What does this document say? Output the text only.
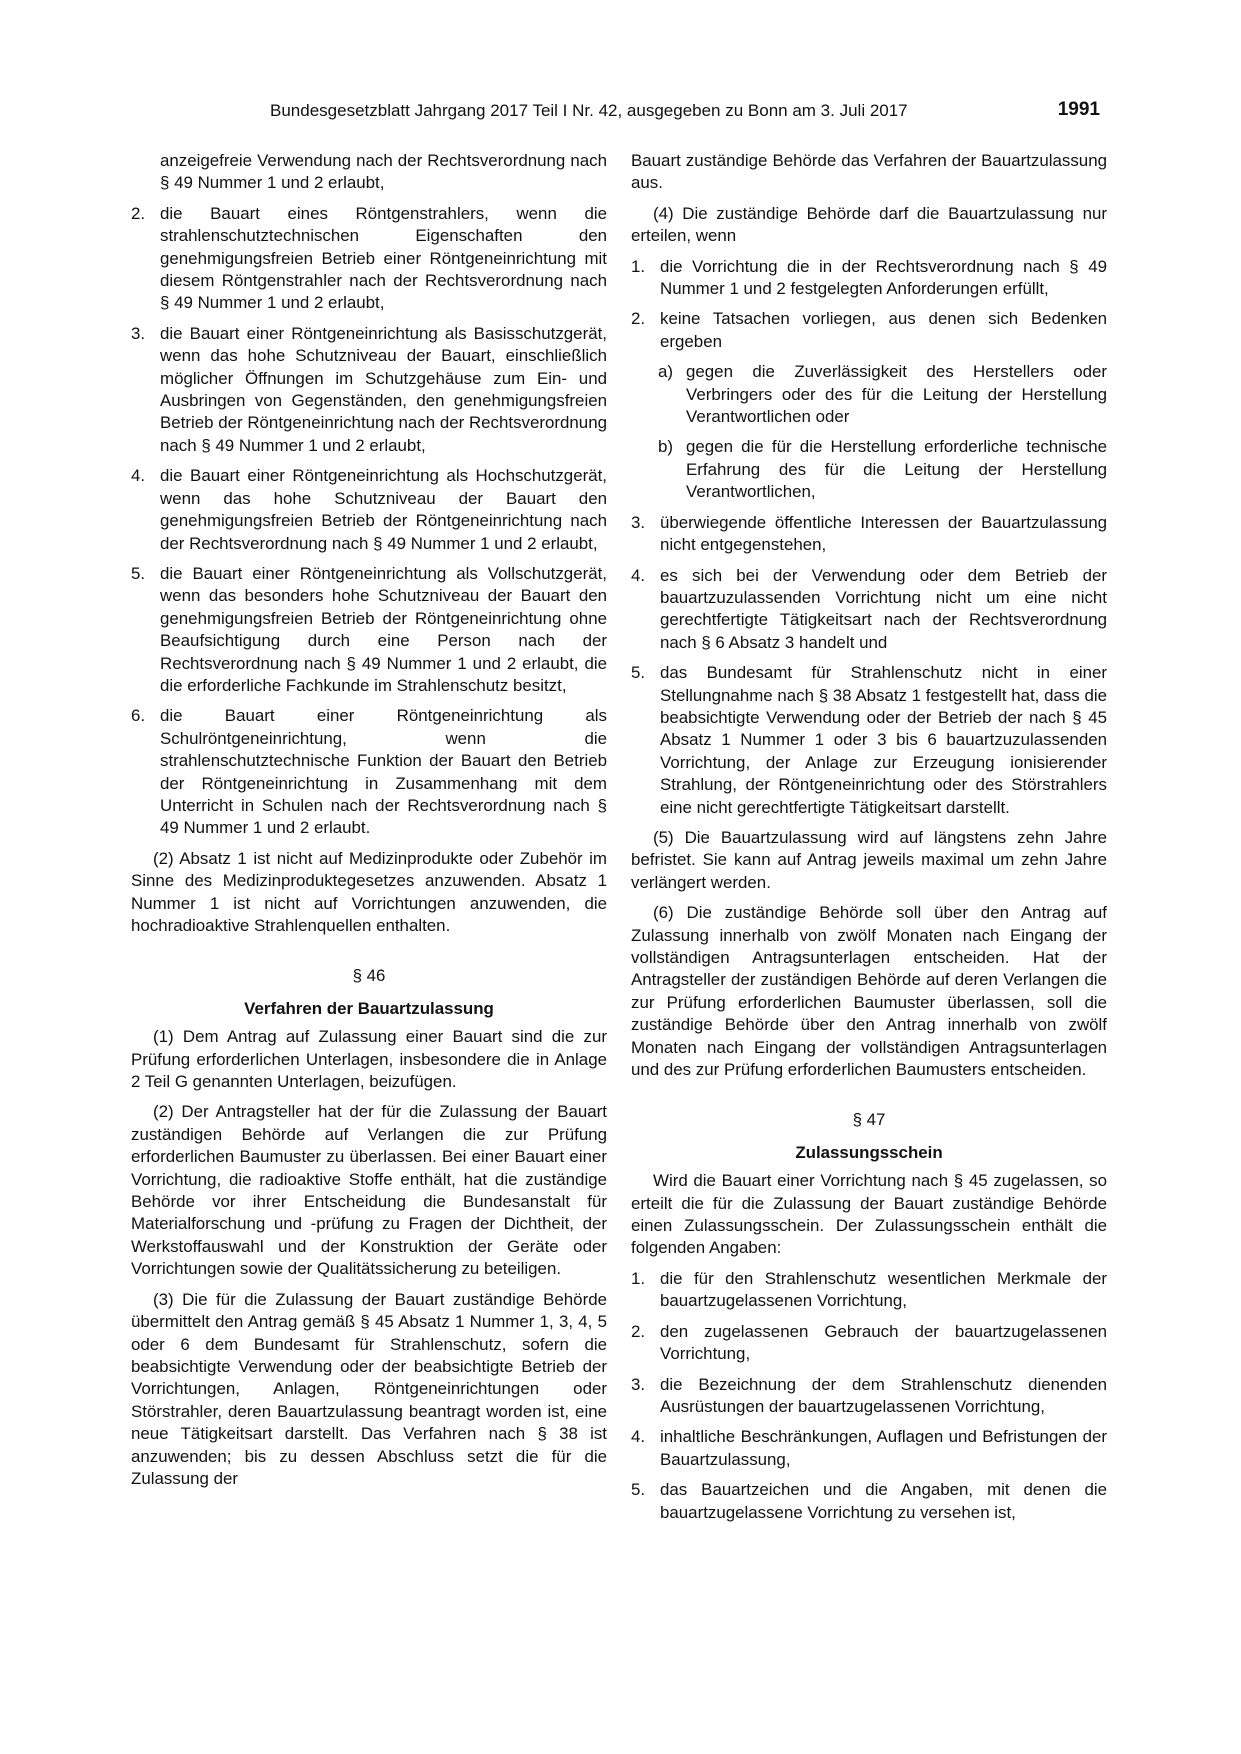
Bundesgesetzblatt Jahrgang 2017 Teil I Nr. 42, ausgegeben zu Bonn am 3. Juli 2017	1991

anzeigefreie Verwendung nach der Rechtsverordnung nach § 49 Nummer 1 und 2 erlaubt,

2. die Bauart eines Röntgenstrahlers, wenn die strahlenschutztechnischen Eigenschaften den genehmigungsfreien Betrieb einer Röntgeneinrichtung mit diesem Röntgenstrahler nach der Rechtsverordnung nach § 49 Nummer 1 und 2 erlaubt,
3. die Bauart einer Röntgeneinrichtung als Basisschutzgerät, wenn das hohe Schutzniveau der Bauart, einschließlich möglicher Öffnungen im Schutzgehäuse zum Ein- und Ausbringen von Gegenständen, den genehmigungsfreien Betrieb der Röntgeneinrichtung nach der Rechtsverordnung nach § 49 Nummer 1 und 2 erlaubt,
4. die Bauart einer Röntgeneinrichtung als Hochschutzgerät, wenn das hohe Schutzniveau der Bauart den genehmigungsfreien Betrieb der Röntgeneinrichtung nach der Rechtsverordnung nach § 49 Nummer 1 und 2 erlaubt,
5. die Bauart einer Röntgeneinrichtung als Vollschutzgerät, wenn das besonders hohe Schutzniveau der Bauart den genehmigungsfreien Betrieb der Röntgeneinrichtung ohne Beaufsichtigung durch eine Person nach der Rechtsverordnung nach § 49 Nummer 1 und 2 erlaubt, die die erforderliche Fachkunde im Strahlenschutz besitzt,
6. die Bauart einer Röntgeneinrichtung als Schulröntgeneinrichtung, wenn die strahlenschutztechnische Funktion der Bauart den Betrieb der Röntgeneinrichtung in Zusammenhang mit dem Unterricht in Schulen nach der Rechtsverordnung nach § 49 Nummer 1 und 2 erlaubt.

(2) Absatz 1 ist nicht auf Medizinprodukte oder Zubehör im Sinne des Medizinproduktegesetzes anzuwenden. Absatz 1 Nummer 1 ist nicht auf Vorrichtungen anzuwenden, die hochradioaktive Strahlenquellen enthalten.

§ 46
Verfahren der Bauartzulassung

(1) Dem Antrag auf Zulassung einer Bauart sind die zur Prüfung erforderlichen Unterlagen, insbesondere die in Anlage 2 Teil G genannten Unterlagen, beizufügen.

(2) Der Antragsteller hat der für die Zulassung der Bauart zuständigen Behörde auf Verlangen die zur Prüfung erforderlichen Baumuster zu überlassen. Bei einer Bauart einer Vorrichtung, die radioaktive Stoffe enthält, hat die zuständige Behörde vor ihrer Entscheidung die Bundesanstalt für Materialforschung und -prüfung zu Fragen der Dichtheit, der Werkstoffauswahl und der Konstruktion der Geräte oder Vorrichtungen sowie der Qualitätssicherung zu beteiligen.

(3) Die für die Zulassung der Bauart zuständige Behörde übermittelt den Antrag gemäß § 45 Absatz 1 Nummer 1, 3, 4, 5 oder 6 dem Bundesamt für Strahlenschutz, sofern die beabsichtigte Verwendung oder der beabsichtigte Betrieb der Vorrichtungen, Anlagen, Röntgeneinrichtungen oder Störstrahler, deren Bauartzulassung beantragt worden ist, eine neue Tätigkeitsart darstellt. Das Verfahren nach § 38 ist anzuwenden; bis zu dessen Abschluss setzt die für die Zulassung der

Bauart zuständige Behörde das Verfahren der Bauartzulassung aus.

(4) Die zuständige Behörde darf die Bauartzulassung nur erteilen, wenn

1. die Vorrichtung die in der Rechtsverordnung nach § 49 Nummer 1 und 2 festgelegten Anforderungen erfüllt,
2. keine Tatsachen vorliegen, aus denen sich Bedenken ergeben
a) gegen die Zuverlässigkeit des Herstellers oder Verbringers oder des für die Leitung der Herstellung Verantwortlichen oder
b) gegen die für die Herstellung erforderliche technische Erfahrung des für die Leitung der Herstellung Verantwortlichen,
3. überwiegende öffentliche Interessen der Bauartzulassung nicht entgegenstehen,
4. es sich bei der Verwendung oder dem Betrieb der bauartzuzulassenden Vorrichtung nicht um eine nicht gerechtfertigte Tätigkeitsart nach der Rechtsverordnung nach § 6 Absatz 3 handelt und
5. das Bundesamt für Strahlenschutz nicht in einer Stellungnahme nach § 38 Absatz 1 festgestellt hat, dass die beabsichtigte Verwendung oder der Betrieb der nach § 45 Absatz 1 Nummer 1 oder 3 bis 6 bauartzuzulassenden Vorrichtung, der Anlage zur Erzeugung ionisierender Strahlung, der Röntgeneinrichtung oder des Störstrahlers eine nicht gerechtfertigte Tätigkeitsart darstellt.

(5) Die Bauartzulassung wird auf längstens zehn Jahre befristet. Sie kann auf Antrag jeweils maximal um zehn Jahre verlängert werden.

(6) Die zuständige Behörde soll über den Antrag auf Zulassung innerhalb von zwölf Monaten nach Eingang der vollständigen Antragsunterlagen entscheiden. Hat der Antragsteller der zuständigen Behörde auf deren Verlangen die zur Prüfung erforderlichen Baumuster überlassen, soll die zuständige Behörde über den Antrag innerhalb von zwölf Monaten nach Eingang der vollständigen Antragsunterlagen und des zur Prüfung erforderlichen Baumusters entscheiden.

§ 47
Zulassungsschein

Wird die Bauart einer Vorrichtung nach § 45 zugelassen, so erteilt die für die Zulassung der Bauart zuständige Behörde einen Zulassungsschein. Der Zulassungsschein enthält die folgenden Angaben:

1. die für den Strahlenschutz wesentlichen Merkmale der bauartzugelassenen Vorrichtung,
2. den zugelassenen Gebrauch der bauartzugelassenen Vorrichtung,
3. die Bezeichnung der dem Strahlenschutz dienenden Ausrüstungen der bauartzugelassenen Vorrichtung,
4. inhaltliche Beschränkungen, Auflagen und Befristungen der Bauartzulassung,
5. das Bauartzeichen und die Angaben, mit denen die bauartzugelassene Vorrichtung zu versehen ist,
